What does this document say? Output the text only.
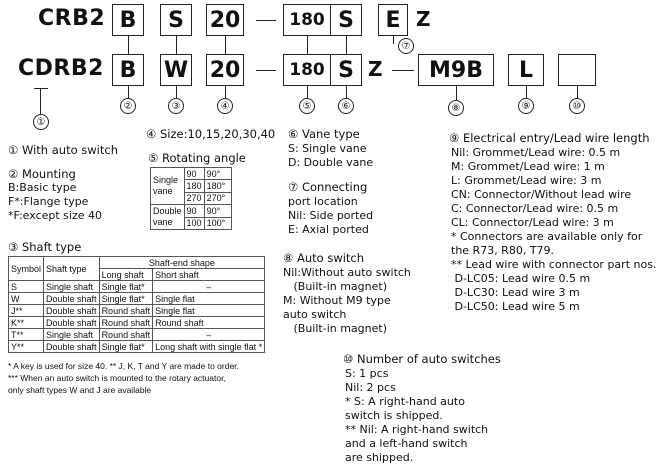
CRB2 B	S	20	180 S	E Z
⑦
CDRB2 B	W 20	180 S Z	M9B	L
①
②	③	④	⑤	⑥	⑧	⑨	⑩
① With auto switch
② Mounting
B:Basic type
F*:Flange type
*F:except size 40
③ Shaft type
Symbol	Shaft type	Shaft-end shape	
		Long shaft	Short shaft
S	Single shaft	Single flat*	–
W	Double shaft	Single flat*	Single flat
J**	Double shaft	Round shaft	Single flat
K**	Double shaft	Round shaft	Round shaft
T**	Single shaft	Round shaft	–
Y**	Double shaft	Single flat*	Long shaft with single flat *
* A key is used for size 40. ** J, K, T and Y are made to order.
*** When an auto switch is mounted to the rotary actuator,
only shaft types W and J are available
④ Size:10,15,20,30,40
⑤ Rotating angle
Single
vane	90	90°
	180	180°
	270	270°

Double
vane	90	90°
	100	100°
⑥ Vane type
S: Single vane
D: Double vane
⑦ Connecting
port location
Nil: Side ported
E: Axial ported
⑧ Auto switch
Nil:Without auto switch
(Built-in magnet)
M: Without M9 type
auto switch
(Built-in magnet)
⑩ Number of auto switches
S: 1 pcs
Nil: 2 pcs
* S: A right-hand auto
switch is shipped.
** Nil: A right-hand switch
and a left-hand switch
are shipped.
⑨ Electrical entry/Lead wire length
Nil: Grommet/Lead wire: 0.5 m
M: Grommet/Lead wire: 1 m
L: Grommet/Lead wire: 3 m
CN: Connector/Without lead wire
C: Connector/Lead wire: 0.5 m
CL: Connector/Lead wire: 3 m
* Connectors are available only for
the R73, R80, T79.
** Lead wire with connector part nos.
D-LC05: Lead wire 0.5 m
D-LC30: Lead wire 3 m
D-LC50: Lead wire 5 m
